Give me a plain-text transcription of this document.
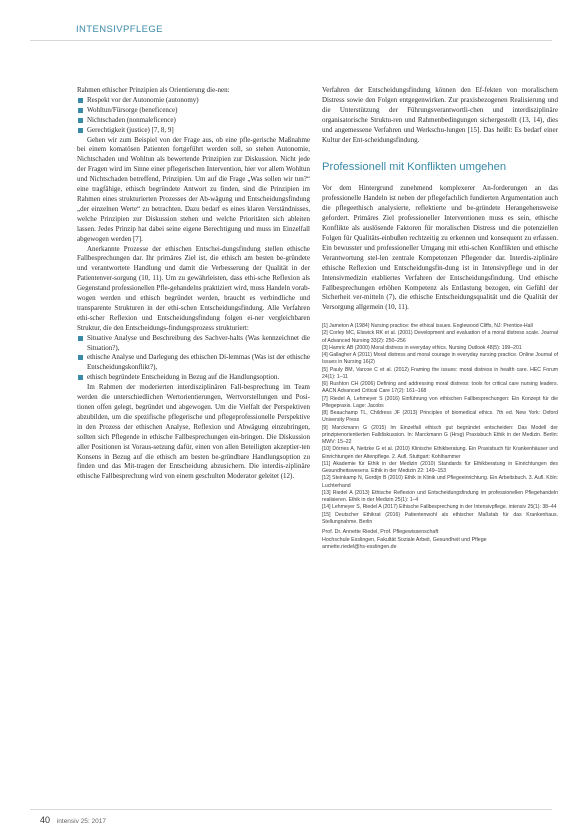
INTENSIVPFLEGE

Rahmen ethischer Prinzipien als Orientierung die-nen:

Respekt vor der Autonomie (autonomy)
Wohltun/Fürsorge (beneficence)
Nichtschaden (nonmaleficence)
Gerechtigkeit (justice) [7, 8, 9]

Gehen wir zum Beispiel von der Frage aus, ob eine pfle-gerische Maßnahme bei einem komatösen Patienten fortgeführt werden soll, so stehen Autonomie, Nichtschaden und Wohltun als bewertende Prinzipien zur Diskussion. Nicht jede der Fragen wird im Sinne einer pflegerischen Intervention, hier vor allem Wohltun und Nichtschaden betreffend, Prinzipien. Um auf die Frage „Was sollen wir tun?“ eine tragfähige, ethisch begründete Antwort zu finden, sind die Prinzipien im Rahmen eines strukturierten Prozesses der Ab-wägung und Entscheidungsfindung „der einzelnen Werte“ zu betrachten. Dazu bedarf es eines klaren Verständnisses, welche Prinzipien zur Diskussion stehen und welche Prioritäten sich ableiten lassen. Jedes Prinzip hat dabei seine eigene Berechtigung und muss im Einzelfall abgewogen werden [7].

Anerkannte Prozesse der ethischen Entschei-dungsfindung stellen ethische Fallbesprechungen dar. Ihr primäres Ziel ist, die ethisch am besten be-gründete und verantwortete Handlung und damit die Verbesserung der Qualität in der Patientenver-sorgung (10, 11). Um zu gewährleisten, dass ethi-sche Reflexion als Gegenstand professionellen Pfle-gehandelns praktiziert wird, muss Handeln vorab-wogen werden und ethisch begründet werden, braucht es verbindliche und transparente Strukturen in der ethi-schen Entscheidungsfindung. Alle Verfahren ethi-scher Reflexion und Entscheidungsfindung folgen ei-ner vergleichbaren Struktur, die den Entscheidungs-findungsprozess strukturiert:

Situative Analyse und Beschreibung des Sachver-halts (Was kennzeichnet die Situation?),
ethische Analyse und Darlegung des ethischen Di-lemmas (Was ist der ethische Entscheidungskonflikt?),
ethisch begründete Entscheidung in Bezug auf die Handlungsoption.

Im Rahmen der moderierten interdisziplinären Fall-besprechung im Team werden die unterschiedlichen Wertorientierungen, Wertvorstellungen und Posi-tionen offen gelegt, begründet und abgewogen. Um die Vielfalt der Perspektiven abzubilden, um die spezifische pflegerische und pflegeprofessionelle Perspektive in den Prozess der ethischen Analyse, Reflexion und Abwägung einzubringen, sollten sich Pflegende in ethische Fallbesprechungen ein-bringen. Die Diskussion aller Positionen ist Voraus-setzung dafür, einen von allen Beteiligten akzeptier-ten Konsens in Bezug auf die ethisch am besten be-gründbare Handlungsoption zu finden und das Mit-tragen der Entscheidung abzusichern. Die interdis-ziplinäre ethische Fallbesprechung wird von einem geschulten Moderator geleitet (12).

Verfahren der Entscheidungsfindung können den Ef-fekten von moralischem Distress sowie den Folgen entgegenwirken. Zur praxisbezogenen Realisierung und die Unterstützung der Führungsverantwortli-chen und interdisziplinäre organisatorische Struktu-ren und Rahmenbedingungen sichergestellt (13, 14), dies und angemessene Verfahren und Werkschu-lungen [15]. Das heißt: Es bedarf einer Kultur der Ent-scheidungsfindung.

Professionell mit Konflikten umgehen

Vor dem Hintergrund zunehmend komplexerer An-forderungen an das professionelle Handeln ist neben der pflegefachlich fundierten Argumentation auch die pflegeethisch analysierte, reflektierte und be-gründete Herangehensweise gefordert. Primäres Ziel professioneller Interventionen muss es sein, ethische Konflikte als auslösende Faktoren für moralischen Distress und die potenziellen Folgen für Qualitäts-einbußen rechtzeitig zu erkennen und konsequent zu erfassen. Ein bewusster und professioneller Umgang mit ethi-schen Konflikten und ethische Verantwortung stel-len zentrale Kompetenzen Pflegender dar. Interdis-ziplinäre ethische Reflexion und Entscheidungsfin-dung ist in Intensivpflege und in der Intensivmedizin etabliertes Verfahren der Entscheidungsfindung. Und ethische Fallbesprechungen erhöhen Kompetenz als Entlastung bezogen, ein Gefühl der Sicherheit ver-mitteln (7), die ethische Entscheidungsqualität und die Qualität der Versorgung allgemein (10, 11).

[1] Jameton A (1984) Nursing practice: the ethical issues. Englewood Cliffs, NJ: Prentice-Hall

[2] Corley MC, Elswick RK et al. (2001) Development and evaluation of a moral distress scale. Journal of Advanced Nursing 33(2): 250–256

[3] Hamric AB (2000) Moral distress in everyday ethics. Nursing Outlook 48(5): 199–201

[4] Gallagher A (2011) Moral distress and moral courage in everyday nursing practice. Online Journal of Issues in Nursing 16(2)

[5] Pauly BM, Varcoe C et al. (2012) Framing the issues: moral distress in health care. HEC Forum 24(1): 1–11

[6] Rushton CH (2006) Defining and addressing moral distress: tools for critical care nursing leaders. AACN Advanced Critical Care 17(2): 161–168

[7] Riedel A, Lehmeyer S (2016) Einführung von ethischen Fallbesprechungen: Ein Konzept für die Pflegepraxis. Lage: Jacobs

[8] Beauchamp TL, Childress JF (2013) Principles of biomedical ethics. 7th ed. New York: Oxford University Press

[9] Marckmann G (2015) Im Einzelfall ethisch gut begründet entscheiden: Das Modell der prinzipienorientierten Falldiskussion. In: Marckmann G (Hrsg) Praxisbuch Ethik in der Medizin. Berlin: MWV: 15–22

[10] Dörries A, Neitzke G et al. (2010) Klinische Ethikberatung. Ein Praxisbuch für Krankenhäuser und Einrichtungen der Altenpflege. 2. Aufl. Stuttgart: Kohlhammer

[11] Akademie für Ethik in der Medizin (2010) Standards für Ethikberatung in Einrichtungen des Gesundheitswesens. Ethik in der Medizin 22: 149–153

[12] Steinkamp N, Gordijn B (2010) Ethik in Klinik und Pflegeeinrichtung. Ein Arbeitsbuch. 3. Aufl. Köln: Luchterhand

[13] Riedel A (2013) Ethische Reflexion und Entscheidungsfindung im professionellen Pflegehandeln realisieren. Ethik in der Medizin 25(1): 1–4

[14] Lehmeyer S, Riedel A (2017) Ethische Fallbesprechung in der Intensivpflege. intensiv 25(1): 38–44

[15] Deutscher Ethikrat (2016) Patientenwohl als ethischer Maßstab für das Krankenhaus. Stellungnahme. Berlin

Prof. Dr. Annette Riedel, Prof. Pflegewissenschaft
Hochschule Esslingen, Fakultät Soziale Arbeit, Gesundheit und Pflege
annette.riedel@hs-esslingen.de
40 intensiv 25: 2017
